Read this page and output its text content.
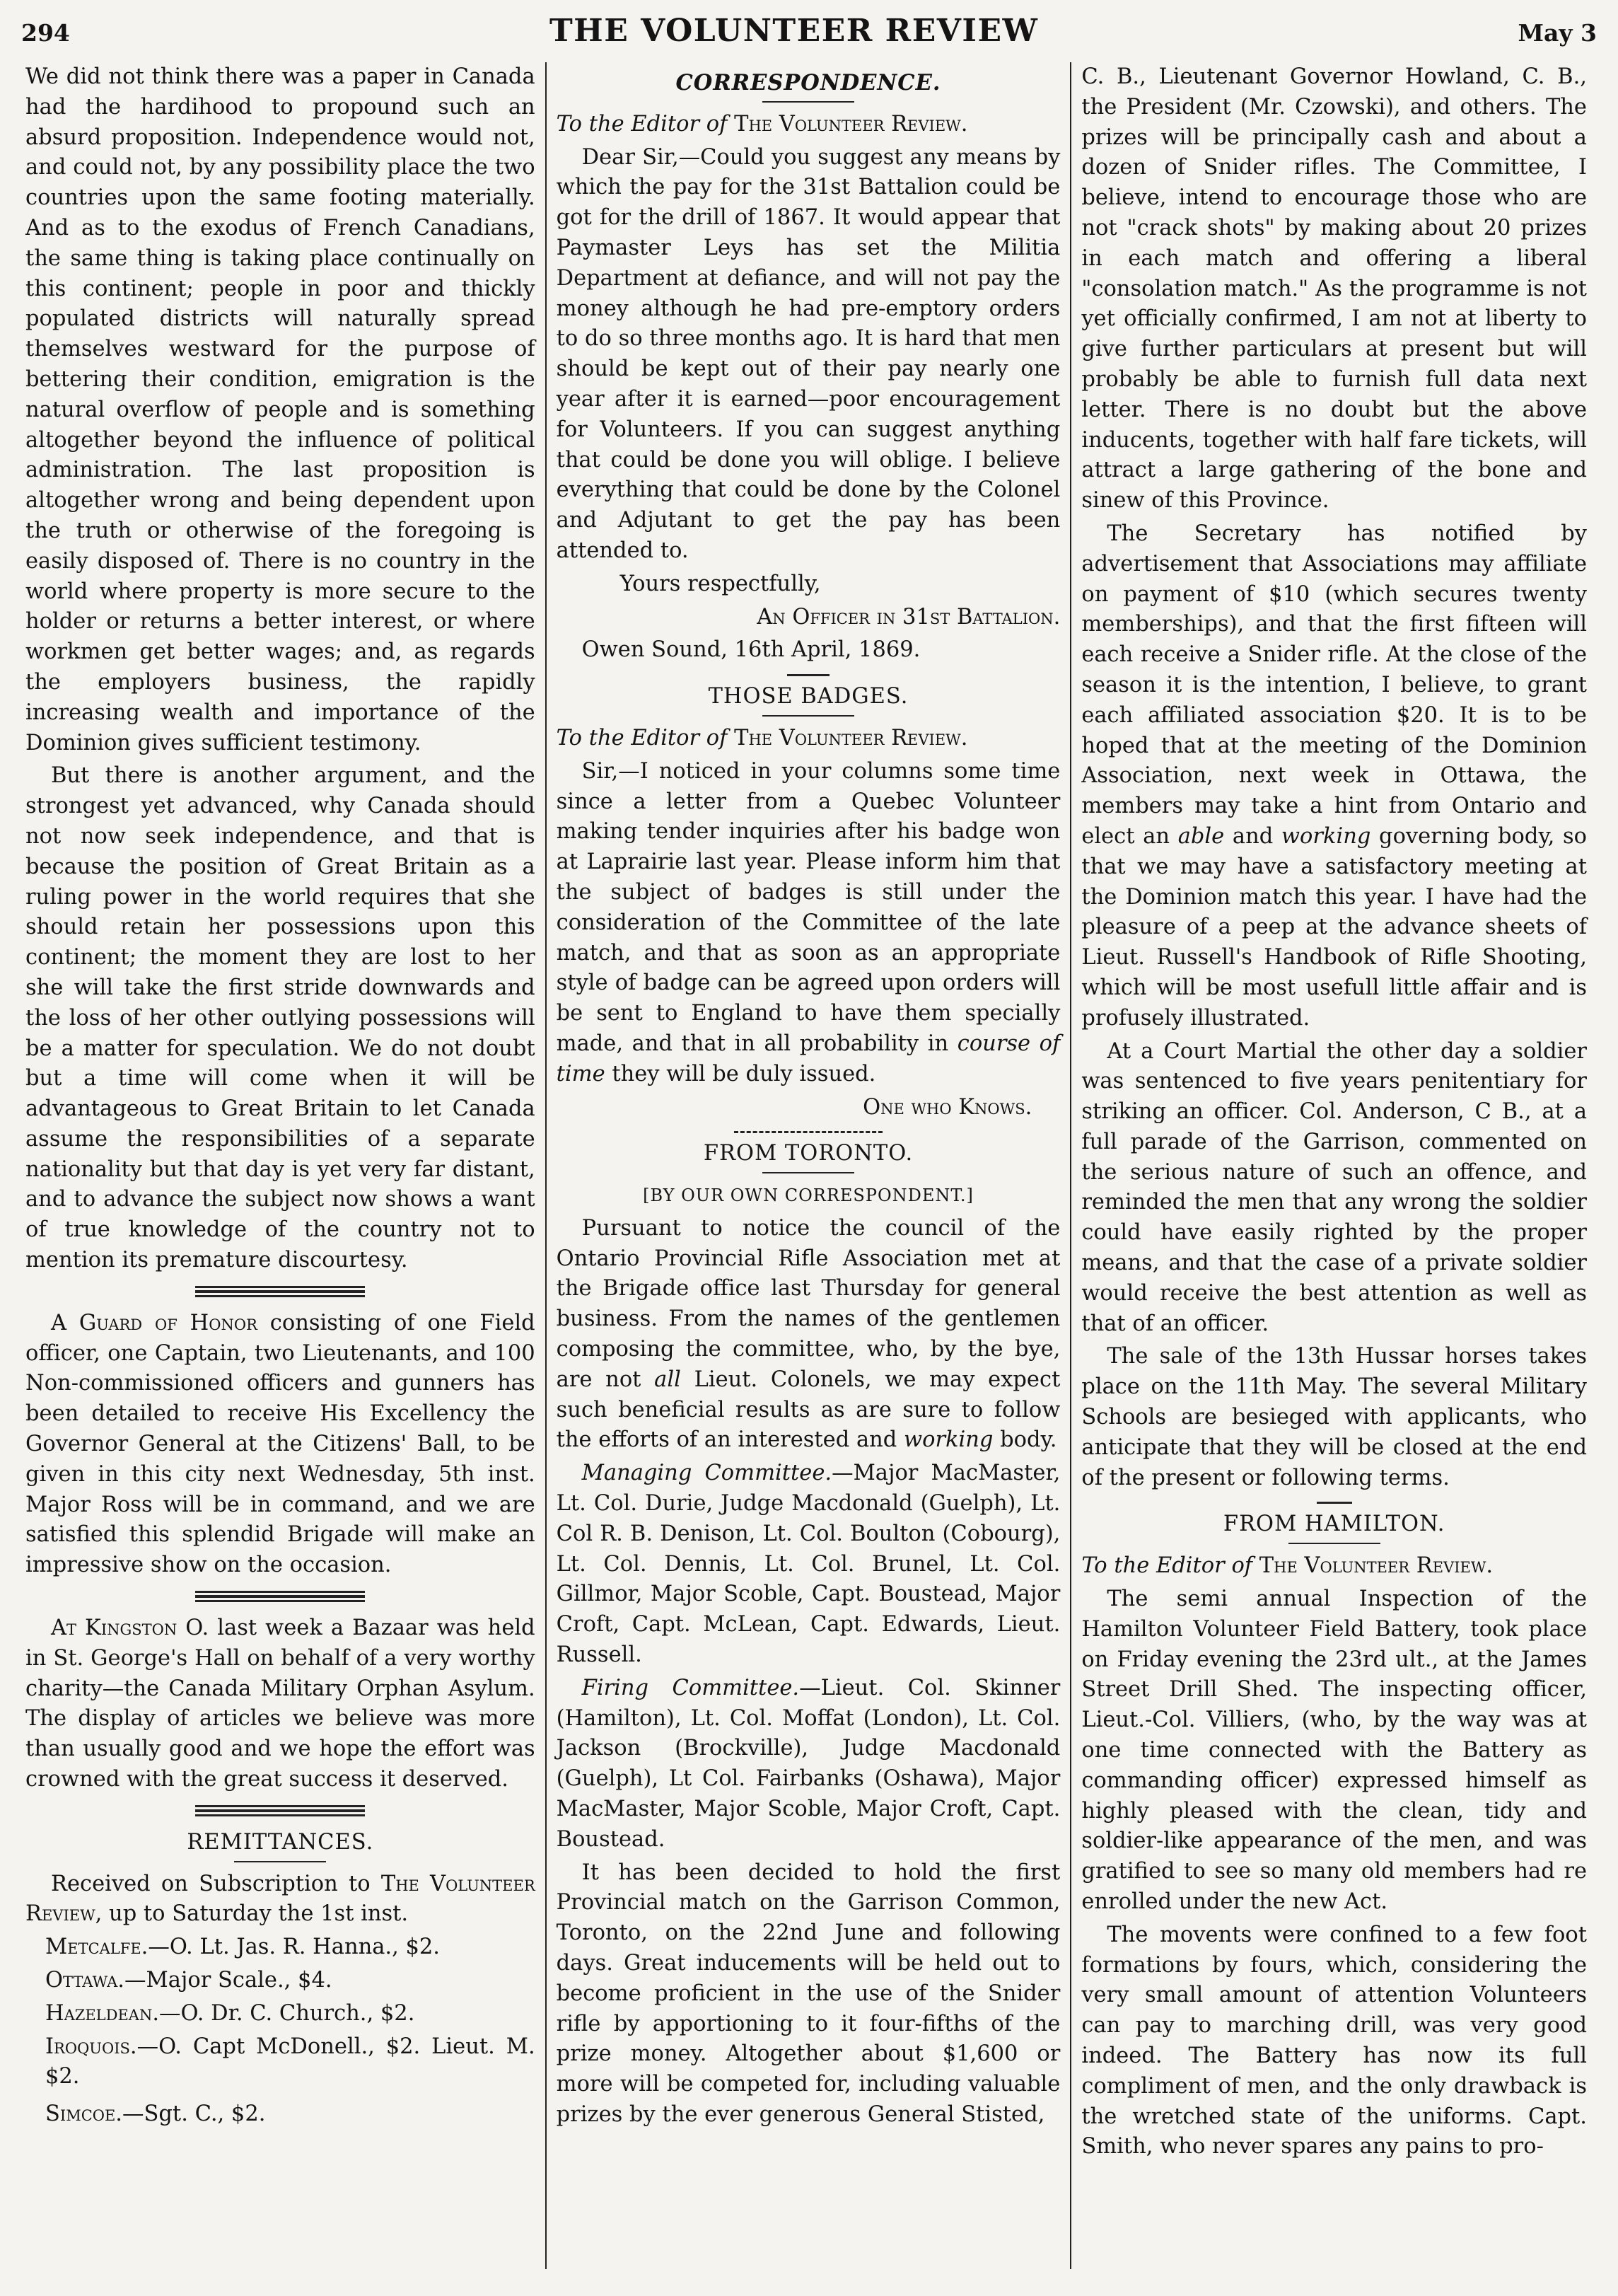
294	THE VOLUNTEER REVIEW	May 3

We did not think there was a paper in Canada had the hardihood to propound such an absurd proposition. Independence would not, and could not, by any possibility place the two countries upon the same footing materially. And as to the exodus of French Canadians, the same thing is taking place continually on this continent; people in poor and thickly populated districts will naturally spread themselves westward for the purpose of bettering their condition, emigration is the natural overflow of people and is something altogether beyond the influence of political administration. The last proposition is altogether wrong and being dependent upon the truth or otherwise of the foregoing is easily disposed of. There is no country in the world where property is more secure to the holder or returns a better interest, or where workmen get better wages; and, as regards the employers business, the rapidly increasing wealth and importance of the Dominion gives sufficient testimony.

But there is another argument, and the strongest yet advanced, why Canada should not now seek independence, and that is because the position of Great Britain as a ruling power in the world requires that she should retain her possessions upon this continent; the moment they are lost to her she will take the first stride downwards and the loss of her other outlying possessions will be a matter for speculation. We do not doubt but a time will come when it will be advantageous to Great Britain to let Canada assume the responsibilities of a separate nationality but that day is yet very far distant, and to advance the subject now shows a want of true knowledge of the country not to mention its premature discourtesy.

A Guard of Honor consisting of one Field officer, one Captain, two Lieutenants, and 100 Non-commissioned officers and gunners has been detailed to receive His Excellency the Governor General at the Citizens' Ball, to be given in this city next Wednesday, 5th inst. Major Ross will be in command, and we are satisfied this splendid Brigade will make an impressive show on the occasion.

At Kingston O. last week a Bazaar was held in St. George's Hall on behalf of a very worthy charity—the Canada Military Orphan Asylum. The display of articles we believe was more than usually good and we hope the effort was crowned with the great success it deserved.

REMITTANCES.

Received on Subscription to The Volunteer Review, up to Saturday the 1st inst.

Metcalfe.—O. Lt. Jas. R. Hanna., $2.

Ottawa.—Major Scale., $4.

Hazeldean.—O. Dr. C. Church., $2.

Iroquois.—O. Capt McDonell., $2. Lieut. M. $2.

Simcoe.—Sgt. C., $2.

CORRESPONDENCE.

To the Editor of The Volunteer Review.

Dear Sir,—Could you suggest any means by which the pay for the 31st Battalion could be got for the drill of 1867. It would appear that Paymaster Leys has set the Militia Department at defiance, and will not pay the money although he had pre-emptory orders to do so three months ago. It is hard that men should be kept out of their pay nearly one year after it is earned—poor encouragement for Volunteers. If you can suggest anything that could be done you will oblige. I believe everything that could be done by the Colonel and Adjutant to get the pay has been attended to.

Yours respectfully,

An Officer in 31st Battalion.

Owen Sound, 16th April, 1869.

THOSE BADGES.

To the Editor of The Volunteer Review.

Sir,—I noticed in your columns some time since a letter from a Quebec Volunteer making tender inquiries after his badge won at Laprairie last year. Please inform him that the subject of badges is still under the consideration of the Committee of the late match, and that as soon as an appropriate style of badge can be agreed upon orders will be sent to England to have them specially made, and that in all probability in course of time they will be duly issued.

One who Knows.

FROM TORONTO.

[BY OUR OWN CORRESPONDENT.]

Pursuant to notice the council of the Ontario Provincial Rifle Association met at the Brigade office last Thursday for general business. From the names of the gentlemen composing the committee, who, by the bye, are not all Lieut. Colonels, we may expect such beneficial results as are sure to follow the efforts of an interested and working body.

Managing Committee.—Major MacMaster, Lt. Col. Durie, Judge Macdonald (Guelph), Lt. Col R. B. Denison, Lt. Col. Boulton (Cobourg), Lt. Col. Dennis, Lt. Col. Brunel, Lt. Col. Gillmor, Major Scoble, Capt. Boustead, Major Croft, Capt. McLean, Capt. Edwards, Lieut. Russell.

Firing Committee.—Lieut. Col. Skinner (Hamilton), Lt. Col. Moffat (London), Lt. Col. Jackson (Brockville), Judge Macdonald (Guelph), Lt Col. Fairbanks (Oshawa), Major MacMaster, Major Scoble, Major Croft, Capt. Boustead.

It has been decided to hold the first Provincial match on the Garrison Common, Toronto, on the 22nd June and following days. Great inducements will be held out to become proficient in the use of the Snider rifle by apportioning to it four-fifths of the prize money. Altogether about $1,600 or more will be competed for, including valuable prizes by the ever generous General Stisted,

C. B., Lieutenant Governor Howland, C. B., the President (Mr. Czowski), and others. The prizes will be principally cash and about a dozen of Snider rifles. The Committee, I believe, intend to encourage those who are not "crack shots" by making about 20 prizes in each match and offering a liberal "consolation match." As the programme is not yet officially confirmed, I am not at liberty to give further particulars at present but will probably be able to furnish full data next letter. There is no doubt but the above inducents, together with half fare tickets, will attract a large gathering of the bone and sinew of this Province.

The Secretary has notified by advertisement that Associations may affiliate on payment of $10 (which secures twenty memberships), and that the first fifteen will each receive a Snider rifle. At the close of the season it is the intention, I believe, to grant each affiliated association $20. It is to be hoped that at the meeting of the Dominion Association, next week in Ottawa, the members may take a hint from Ontario and elect an able and working governing body, so that we may have a satisfactory meeting at the Dominion match this year. I have had the pleasure of a peep at the advance sheets of Lieut. Russell's Handbook of Rifle Shooting, which will be most usefull little affair and is profusely illustrated.

At a Court Martial the other day a soldier was sentenced to five years penitentiary for striking an officer. Col. Anderson, C B., at a full parade of the Garrison, commented on the serious nature of such an offence, and reminded the men that any wrong the soldier could have easily righted by the proper means, and that the case of a private soldier would receive the best attention as well as that of an officer.

The sale of the 13th Hussar horses takes place on the 11th May. The several Military Schools are besieged with applicants, who anticipate that they will be closed at the end of the present or following terms.

FROM HAMILTON.

To the Editor of The Volunteer Review.

The semi annual Inspection of the Hamilton Volunteer Field Battery, took place on Friday evening the 23rd ult., at the James Street Drill Shed. The inspecting officer, Lieut.-Col. Villiers, (who, by the way was at one time connected with the Battery as commanding officer) expressed himself as highly pleased with the clean, tidy and soldier-like appearance of the men, and was gratified to see so many old members had re enrolled under the new Act.

The movents were confined to a few foot formations by fours, which, considering the very small amount of attention Volunteers can pay to marching drill, was very good indeed. The Battery has now its full compliment of men, and the only drawback is the wretched state of the uniforms. Capt. Smith, who never spares any pains to pro-
